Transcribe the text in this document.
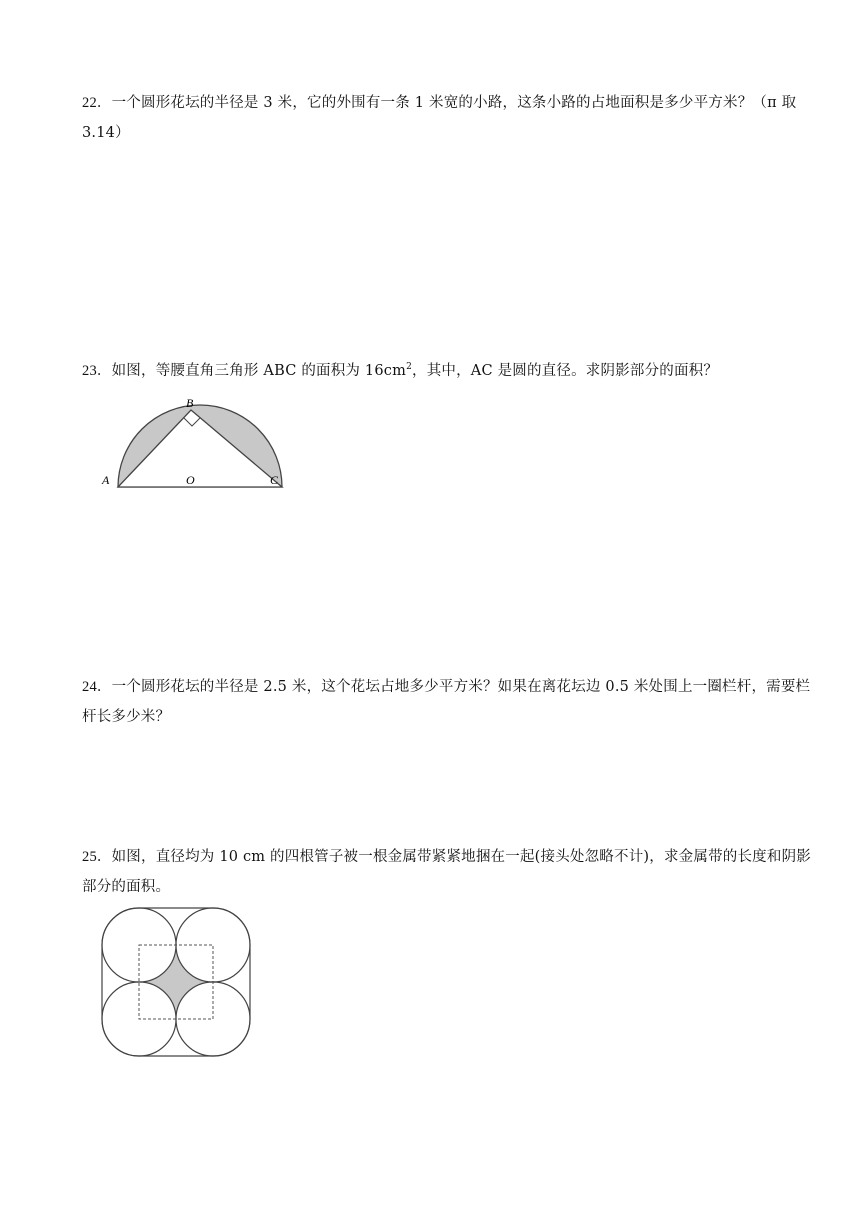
22．一个圆形花坛的半径是 3 米，它的外围有一条 1 米宽的小路，这条小路的占地面积是多少平方米？（π 取 3.14）
23．如图，等腰直角三角形 ABC 的面积为 $16cm^2$，其中，AC 是圆的直径。求阴影部分的面积？
B
A	O	C
24．一个圆形花坛的半径是 2.5 米，这个花坛占地多少平方米？如果在离花坛边 0.5 米处围上一圈栏杆，需要栏杆长多少米？
25．如图，直径均为 10 cm 的四根管子被一根金属带紧紧地捆在一起(接头处忽略不计)，求金属带的长度和阴影部分的面积。
